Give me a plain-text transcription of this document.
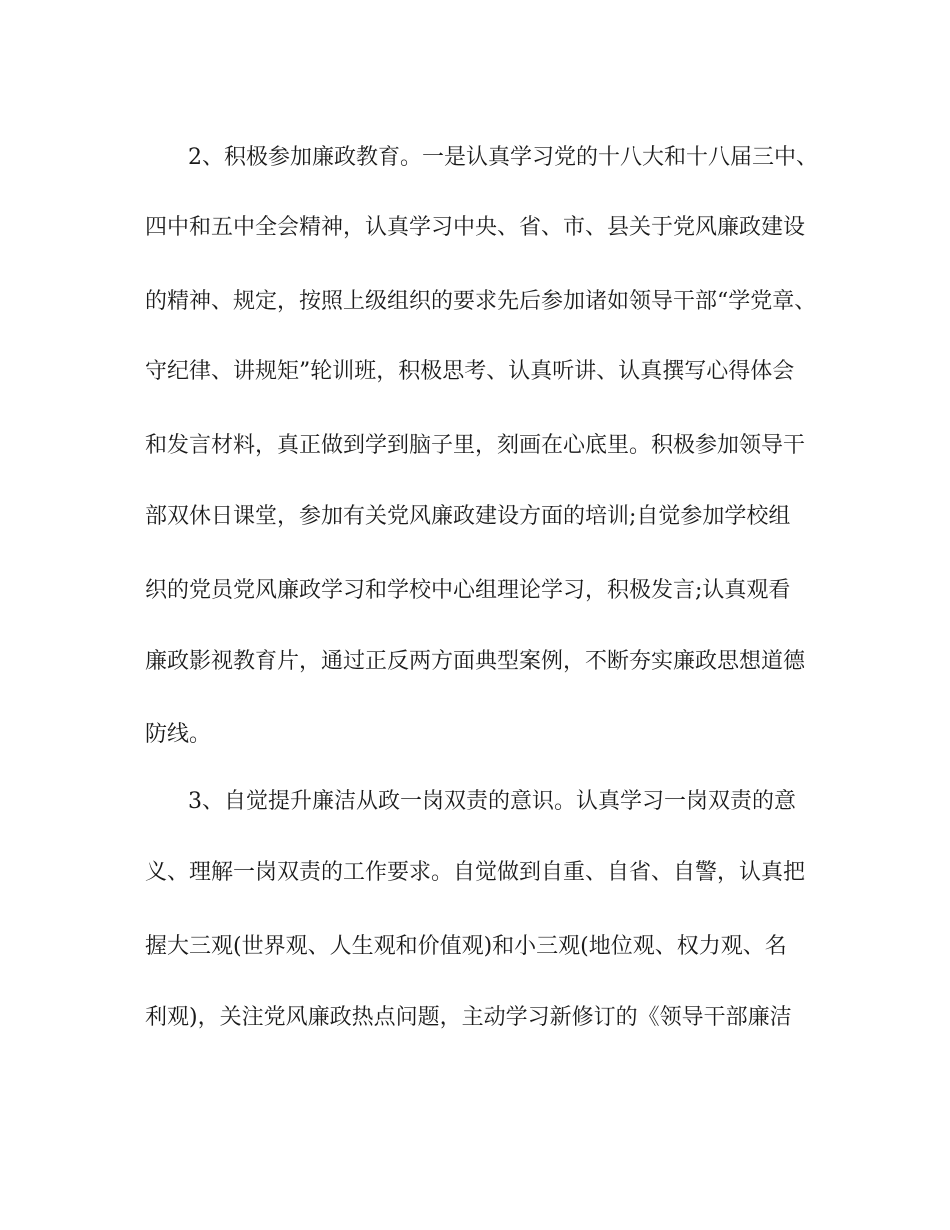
2、积极参加廉政教育。一是认真学习党的十八大和十八届三中、

四中和五中全会精神，认真学习中央、省、市、县关于党风廉政建设

的精神、规定，按照上级组织的要求先后参加诸如领导干部“学党章、

守纪律、讲规矩”轮训班，积极思考、认真听讲、认真撰写心得体会

和发言材料，真正做到学到脑子里，刻画在心底里。积极参加领导干

部双休日课堂，参加有关党风廉政建设方面的培训;自觉参加学校组

织的党员党风廉政学习和学校中心组理论学习，积极发言;认真观看

廉政影视教育片，通过正反两方面典型案例，不断夯实廉政思想道德

防线。

3、自觉提升廉洁从政一岗双责的意识。认真学习一岗双责的意

义、理解一岗双责的工作要求。自觉做到自重、自省、自警，认真把

握大三观(世界观、人生观和价值观)和小三观(地位观、权力观、名

利观)，关注党风廉政热点问题，主动学习新修订的《领导干部廉洁
